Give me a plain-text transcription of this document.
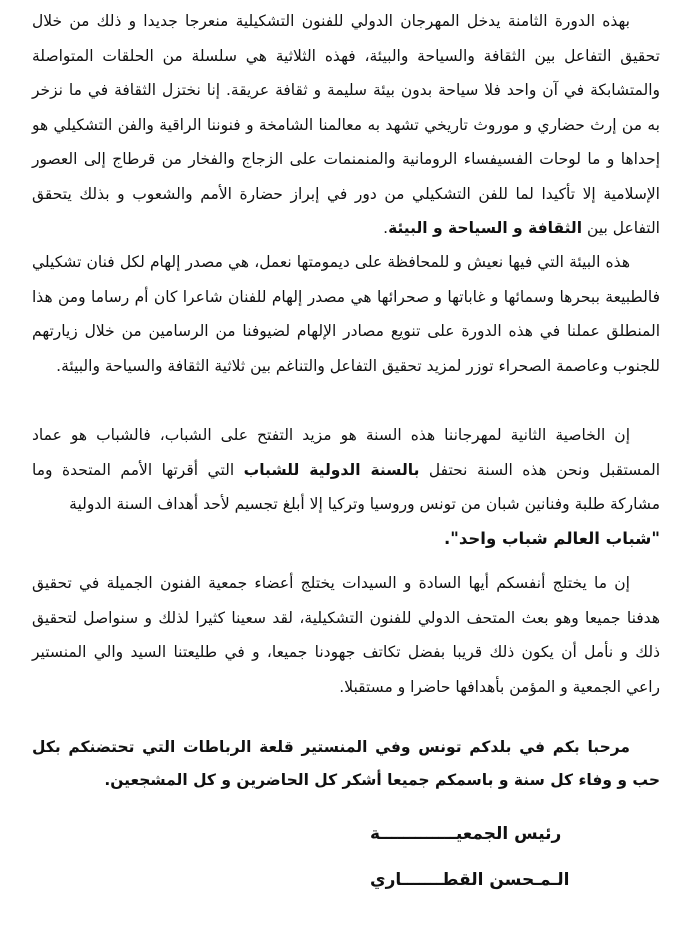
بهذه الدورة الثامنة يدخل المهرجان الدولي للفنون التشكيلية منعرجا جديدا و ذلك من خلال تحقيق التفاعل بين الثقافة والسياحة والبيئة، فهذه الثلاثية هي سلسلة من الحلقات المتواصلة والمتشابكة في آن واحد فلا سياحة بدون بيئة سليمة و ثقافة عريقة. إنا نختزل الثقافة في ما نزخر به من إرث حضاري و موروث تاريخي تشهد به معالمنا الشامخة و فنوننا الراقية والفن التشكيلي هو إحداها و ما لوحات الفسيفساء الرومانية والمنمنمات على الزجاج والفخار من قرطاج إلى العصور الإسلامية إلا تأكيدا لما للفن التشكيلي من دور في إبراز حضارة الأمم والشعوب و بذلك يتحقق التفاعل بين الثقافة و السياحة و البيئة.

هذه البيئة التي فيها نعيش و للمحافظة على ديمومتها نعمل، هي مصدر إلهام لكل فنان تشكيلي فالطبيعة ببحرها وسمائها و غاباتها و صحرائها هي مصدر إلهام للفنان شاعرا كان أم رساما ومن هذا المنطلق عملنا في هذه الدورة على تنويع مصادر الإلهام لضيوفنا من الرسامين من خلال زيارتهم للجنوب وعاصمة الصحراء توزر لمزيد تحقيق التفاعل والتناغم بين ثلاثية الثقافة والسياحة والبيئة.

إن الخاصية الثانية لمهرجاننا هذه السنة هو مزيد التفتح على الشباب، فالشباب هو عماد المستقبل ونحن هذه السنة نحتفل بالسنة الدولية للشباب التي أقرتها الأمم المتحدة وما مشاركة طلبة وفنانين شبان من تونس وروسيا وتركيا إلا أبلغ تجسيم لأحد أهداف السنة الدولية
"شباب العالم شباب واحد".

إن ما يختلج أنفسكم أيها السادة و السيدات يختلج أعضاء جمعية الفنون الجميلة في تحقيق هدفنا جميعا وهو بعث المتحف الدولي للفنون التشكيلية، لقد سعينا كثيرا لذلك و سنواصل لتحقيق ذلك و نأمل أن يكون ذلك قريبا بفضل تكاتف جهودنا جميعا، و في طليعتنا السيد والي المنستير راعي الجمعية و المؤمن بأهدافها حاضرا و مستقبلا.

مرحبا بكم في بلدكم تونس وفي المنستير قلعة الرباطات التي تحتضنكم بكل حب و وفاء كل سنة و باسمكم جميعا أشكر كل الحاضرين و كل المشجعين.

رئيس الجمعيـــــــــــــة

الـمـحسن القطـــــــاري
